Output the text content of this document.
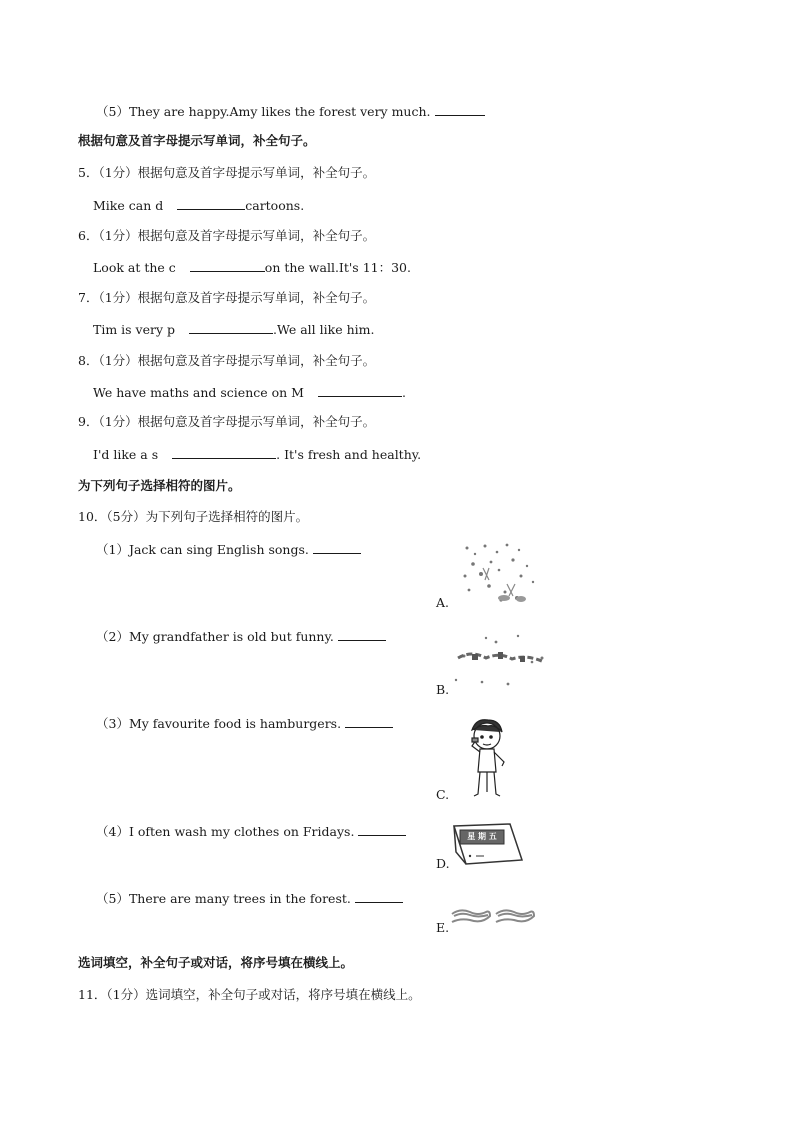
（5）They are happy.Amy likes the forest very much.
根据句意及首字母提示写单词，补全句子。
5．（1分）根据句意及首字母提示写单词，补全句子。
Mike can d	cartoons.
6．（1分）根据句意及首字母提示写单词，补全句子。
Look at the c	on the wall.It's 11：30.
7．（1分）根据句意及首字母提示写单词，补全句子。
Tim is very p	.We all like him.
8．（1分）根据句意及首字母提示写单词，补全句子。
We have maths and science on M	.
9．（1分）根据句意及首字母提示写单词，补全句子。
I'd like a s	. It's fresh and healthy.
为下列句子选择相符的图片。
10．（5分）为下列句子选择相符的图片。
（1）Jack can sing English songs.
（2）My grandfather is old but funny.
（3）My favourite food is hamburgers.
（4）I often wash my clothes on Fridays.
（5）There are many trees in the forest.
A.
B.
C.
D.
星 期 五
E.
选词填空，补全句子或对话，将序号填在横线上。
11．（1分）选词填空，补全句子或对话，将序号填在横线上。
